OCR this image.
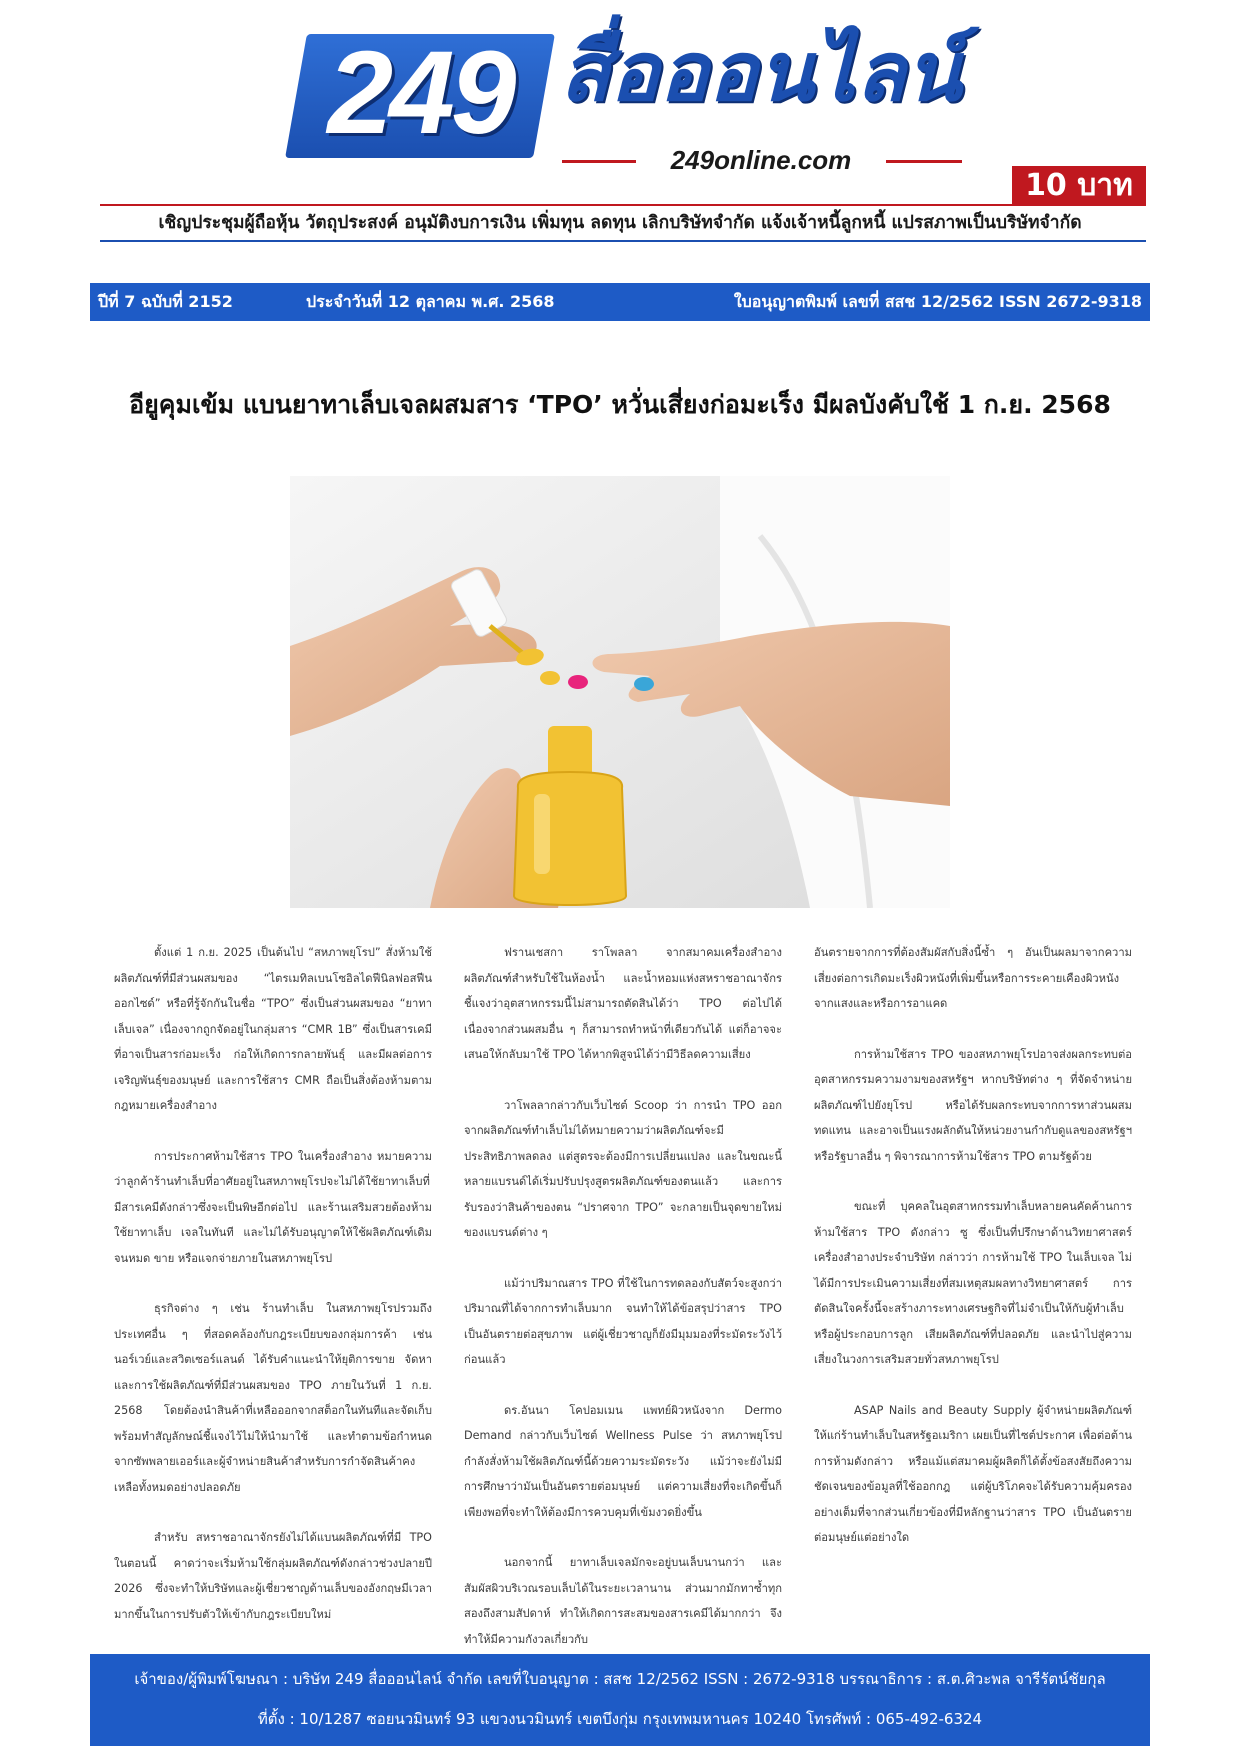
249 สื่อออนไลน์
249online.com
10 บาท
เชิญประชุมผู้ถือหุ้น วัตถุประสงค์ อนุมัติงบการเงิน เพิ่มทุน ลดทุน เลิกบริษัทจำกัด แจ้งเจ้าหนี้ลูกหนี้ แปรสภาพเป็นบริษัทจำกัด
ปีที่ 7 ฉบับที่ 2152	ประจำวันที่ 12 ตุลาคม พ.ศ. 2568	ใบอนุญาตพิมพ์ เลขที่ สสช 12/2562 ISSN 2672-9318
อียูคุมเข้ม แบนยาทาเล็บเจลผสมสาร ‘TPO’ หวั่นเสี่ยงก่อมะเร็ง มีผลบังคับใช้ 1 ก.ย. 2568

ตั้งแต่ 1 ก.ย. 2025 เป็นต้นไป “สหภาพยุโรป” สั่งห้ามใช้ผลิตภัณฑ์ที่มีส่วนผสมของ “ไตรเมทิลเบนโซอิลไดฟีนิลฟอสฟีนออกไซด์” หรือที่รู้จักกันในชื่อ “TPO” ซึ่งเป็นส่วนผสมของ “ยาทาเล็บเจล” เนื่องจากถูกจัดอยู่ในกลุ่มสาร “CMR 1B” ซึ่งเป็นสารเคมีที่อาจเป็นสารก่อมะเร็ง ก่อให้เกิดการกลายพันธุ์ และมีผลต่อการเจริญพันธุ์ของมนุษย์ และการใช้สาร CMR ถือเป็นสิ่งต้องห้ามตามกฎหมายเครื่องสำอาง

การประกาศห้ามใช้สาร TPO ในเครื่องสำอาง หมายความว่าลูกค้าร้านทำเล็บที่อาศัยอยู่ในสหภาพยุโรปจะไม่ได้ใช้ยาทาเล็บที่มีสารเคมีดังกล่าวซึ่งจะเป็นพิษอีกต่อไป และร้านเสริมสวยต้องห้ามใช้ยาทาเล็บ เจลในทันที และไม่ได้รับอนุญาตให้ใช้ผลิตภัณฑ์เดิมจนหมด ขาย หรือแจกจ่ายภายในสหภาพยุโรป

ธุรกิจต่าง ๆ เช่น ร้านทำเล็บ ในสหภาพยุโรปรวมถึงประเทศอื่น ๆ ที่สอดคล้องกับกฎระเบียบของกลุ่มการค้า เช่น นอร์เวย์และสวิตเซอร์แลนด์ ได้รับคำแนะนำให้ยุติการขาย จัดหา และการใช้ผลิตภัณฑ์ที่มีส่วนผสมของ TPO ภายในวันที่ 1 ก.ย. 2568 โดยต้องนำสินค้าที่เหลือออกจากสต็อกในทันทีและจัดเก็บพร้อมทำสัญลักษณ์ชี้แจงไว้ไม่ให้นำมาใช้ และทำตามข้อกำหนดจากซัพพลายเออร์และผู้จำหน่ายสินค้าสำหรับการกำจัดสินค้าคงเหลือทั้งหมดอย่างปลอดภัย

สำหรับ สหราชอาณาจักรยังไม่ได้แบนผลิตภัณฑ์ที่มี TPO ในตอนนี้ คาดว่าจะเริ่มห้ามใช้กลุ่มผลิตภัณฑ์ดังกล่าวช่วงปลายปี 2026 ซึ่งจะทำให้บริษัทและผู้เชี่ยวชาญด้านเล็บของอังกฤษมีเวลามากขึ้นในการปรับตัวให้เข้ากับกฎระเบียบใหม่

ฟรานเชสกา ราโพลลา จากสมาคมเครื่องสำอาง ผลิตภัณฑ์สำหรับใช้ในห้องน้ำ และน้ำหอมแห่งสหราชอาณาจักร ชี้แจงว่าอุตสาหกรรมนี้ไม่สามารถตัดสินได้ว่า TPO ต่อไปได้ เนื่องจากส่วนผสมอื่น ๆ ก็สามารถทำหน้าที่เดียวกันได้ แต่ก็อาจจะเสนอให้กลับมาใช้ TPO ได้หากพิสูจน์ได้ว่ามีวิธีลดความเสี่ยง

วาโพลลากล่าวกับเว็บไซต์ Scoop ว่า การนำ TPO ออกจากผลิตภัณฑ์ทำเล็บไม่ได้หมายความว่าผลิตภัณฑ์จะมีประสิทธิภาพลดลง แต่สูตรจะต้องมีการเปลี่ยนแปลง และในขณะนี้หลายแบรนด์ได้เริ่มปรับปรุงสูตรผลิตภัณฑ์ของตนแล้ว และการรับรองว่าสินค้าของตน “ปราศจาก TPO” จะกลายเป็นจุดขายใหม่ของแบรนด์ต่าง ๆ

แม้ว่าปริมาณสาร TPO ที่ใช้ในการทดลองกับสัตว์จะสูงกว่าปริมาณที่ได้จากการทำเล็บมาก จนทำให้ได้ข้อสรุปว่าสาร TPO เป็นอันตรายต่อสุขภาพ แต่ผู้เชี่ยวชาญก็ยังมีมุมมองที่ระมัดระวังไว้ก่อนแล้ว

ดร.อันนา โคปอมเมน แพทย์ผิวหนังจาก Dermo Demand กล่าวกับเว็บไซต์ Wellness Pulse ว่า สหภาพยุโรปกำลังสั่งห้ามใช้ผลิตภัณฑ์นี้ด้วยความระมัดระวัง แม้ว่าจะยังไม่มีการศึกษาว่ามันเป็นอันตรายต่อมนุษย์ แต่ความเสี่ยงที่จะเกิดขึ้นก็เพียงพอที่จะทำให้ต้องมีการควบคุมที่เข้มงวดยิ่งขึ้น

นอกจากนี้ ยาทาเล็บเจลมักจะอยู่บนเล็บนานกว่า และสัมผัสผิวบริเวณรอบเล็บได้ในระยะเวลานาน ส่วนมากมักทาซ้ำทุกสองถึงสามสัปดาห์ ทำให้เกิดการสะสมของสารเคมีได้มากกว่า จึงทำให้มีความกังวลเกี่ยวกับ

อันตรายจากการที่ต้องสัมผัสกับสิ่งนี้ซ้ำ ๆ อันเป็นผลมาจากความเสี่ยงต่อการเกิดมะเร็งผิวหนังที่เพิ่มขึ้นหรือการระคายเคืองผิวหนังจากแสงและหรือการอาแคด

การห้ามใช้สาร TPO ของสหภาพยุโรปอาจส่งผลกระทบต่ออุตสาหกรรมความงามของสหรัฐฯ หากบริษัทต่าง ๆ ที่จัดจำหน่ายผลิตภัณฑ์ไปยังยุโรป หรือได้รับผลกระทบจากการหาส่วนผสมทดแทน และอาจเป็นแรงผลักดันให้หน่วยงานกำกับดูแลของสหรัฐฯ หรือรัฐบาลอื่น ๆ พิจารณาการห้ามใช้สาร TPO ตามรัฐด้วย

ขณะที่ บุคคลในอุตสาหกรรมทำเล็บหลายคนคัดค้านการห้ามใช้สาร TPO ดังกล่าว ซู ซึ่งเป็นที่ปรึกษาด้านวิทยาศาสตร์เครื่องสำอางประจำบริษัท กล่าวว่า การห้ามใช้ TPO ในเล็บเจล ไม่ได้มีการประเมินความเสี่ยงที่สมเหตุสมผลทางวิทยาศาสตร์ การตัดสินใจครั้งนี้จะสร้างภาระทางเศรษฐกิจที่ไม่จำเป็นให้กับผู้ทำเล็บ หรือผู้ประกอบการลูก เสียผลิตภัณฑ์ที่ปลอดภัย และนำไปสู่ความเสี่ยงในวงการเสริมสวยทั่วสหภาพยุโรป

ASAP Nails and Beauty Supply ผู้จำหน่ายผลิตภัณฑ์ให้แก่ร้านทำเล็บในสหรัฐอเมริกา เผยเป็นที่ไซต์ประกาศ เพื่อต่อต้านการห้ามดังกล่าว หรือแม้แต่สมาคมผู้ผลิตก็ได้ตั้งข้อสงสัยถึงความชัดเจนของข้อมูลที่ใช้ออกกฎ แต่ผู้บริโภคจะได้รับความคุ้มครองอย่างเต็มที่จากส่วนเกี่ยวข้องที่มีหลักฐานว่าสาร TPO เป็นอันตรายต่อมนุษย์แต่อย่างใด

เจ้าของ/ผู้พิมพ์โฆษณา : บริษัท 249 สื่อออนไลน์ จำกัด เลขที่ใบอนุญาต : สสช 12/2562 ISSN : 2672-9318 บรรณาธิการ : ส.ต.ศิวะพล จารีรัตน์ชัยกุล
ที่ตั้ง : 10/1287 ซอยนวมินทร์ 93 แขวงนวมินทร์ เขตบึงกุ่ม กรุงเทพมหานคร 10240 โทรศัพท์ : 065-492-6324
